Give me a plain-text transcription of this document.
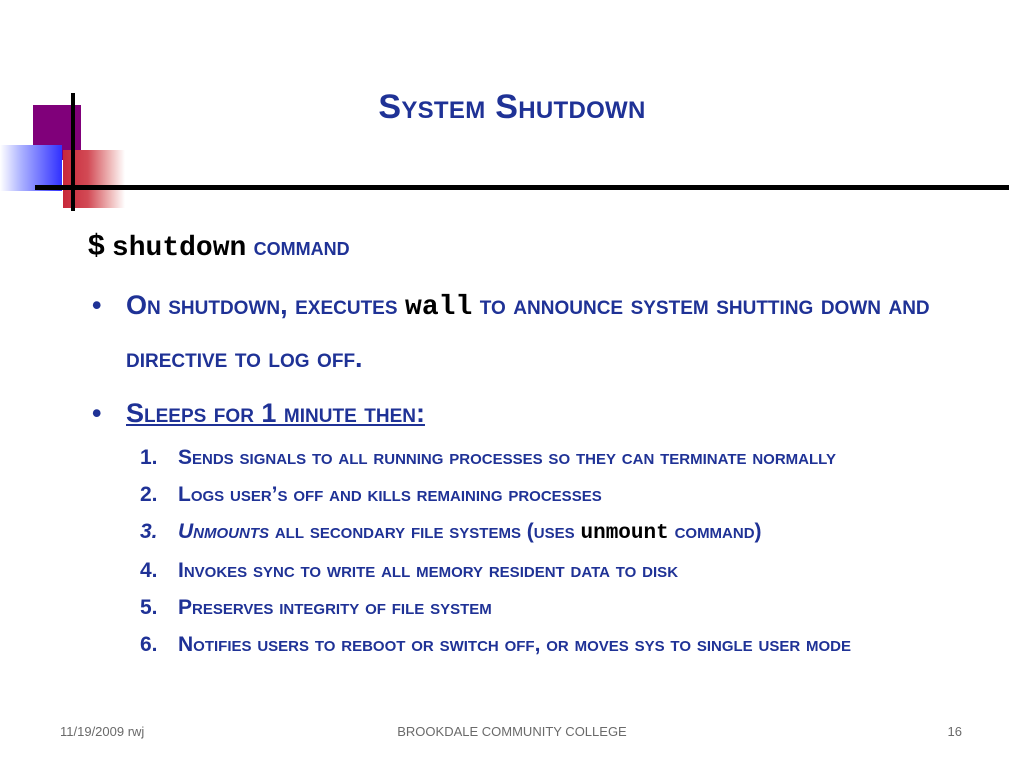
System Shutdown
$ shutdown command
• On shutdown, executes wall to announce system shutting down and directive to log off.
• Sleeps for 1 minute then:
1. Sends signals to all running processes so they can terminate normally
2. Logs user’s off and kills remaining processes
3. Unmounts all secondary file systems (uses unmount command)
4. Invokes sync to write all memory resident data to disk
5. Preserves integrity of file system
6. Notifies users to reboot or switch off, or moves sys to single user mode
11/19/2009 rwj	BROOKDALE COMMUNITY COLLEGE	16
